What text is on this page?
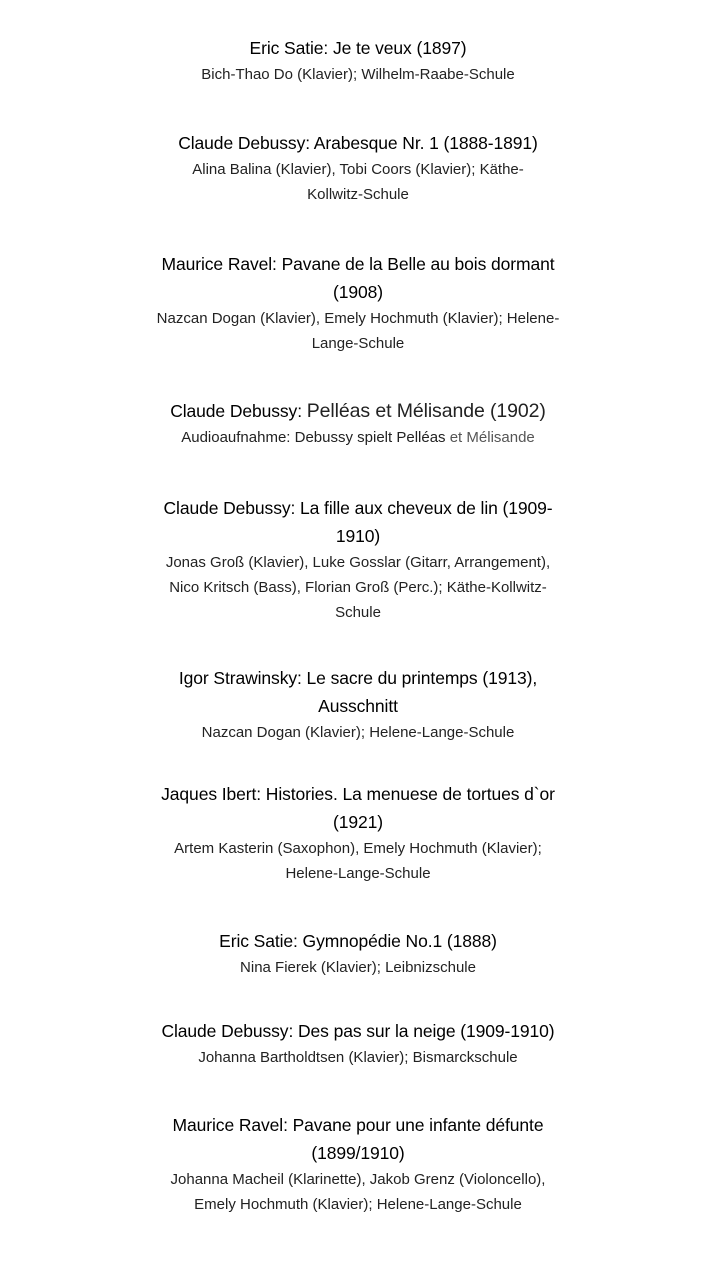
Eric Satie: Je te veux (1897)
Bich-Thao Do (Klavier); Wilhelm-Raabe-Schule
Claude Debussy: Arabesque Nr. 1 (1888-1891)
Alina Balina (Klavier), Tobi Coors (Klavier); Käthe-Kollwitz-Schule
Maurice Ravel: Pavane de la Belle au bois dormant (1908)
Nazcan Dogan (Klavier), Emely Hochmuth (Klavier); Helene-Lange-Schule
Claude Debussy: Pelléas et Mélisande (1902)
Audioaufnahme: Debussy spielt Pelléas et Mélisande
Claude Debussy: La fille aux cheveux de lin (1909-1910)
Jonas Groß (Klavier), Luke Gosslar (Gitarr, Arrangement), Nico Kritsch (Bass), Florian Groß (Perc.); Käthe-Kollwitz-Schule
Igor Strawinsky: Le sacre du printemps (1913), Ausschnitt
Nazcan Dogan (Klavier); Helene-Lange-Schule
Jaques Ibert: Histories. La menuese de tortues d`or (1921)
Artem Kasterin (Saxophon), Emely Hochmuth (Klavier); Helene-Lange-Schule
Eric Satie: Gymnopédie No.1 (1888)
Nina Fierek (Klavier); Leibnizschule
Claude Debussy: Des pas sur la neige (1909-1910)
Johanna Bartholdtsen (Klavier); Bismarckschule
Maurice Ravel: Pavane pour une infante défunte (1899/1910)
Johanna Macheil (Klarinette), Jakob Grenz (Violoncello), Emely Hochmuth (Klavier); Helene-Lange-Schule
